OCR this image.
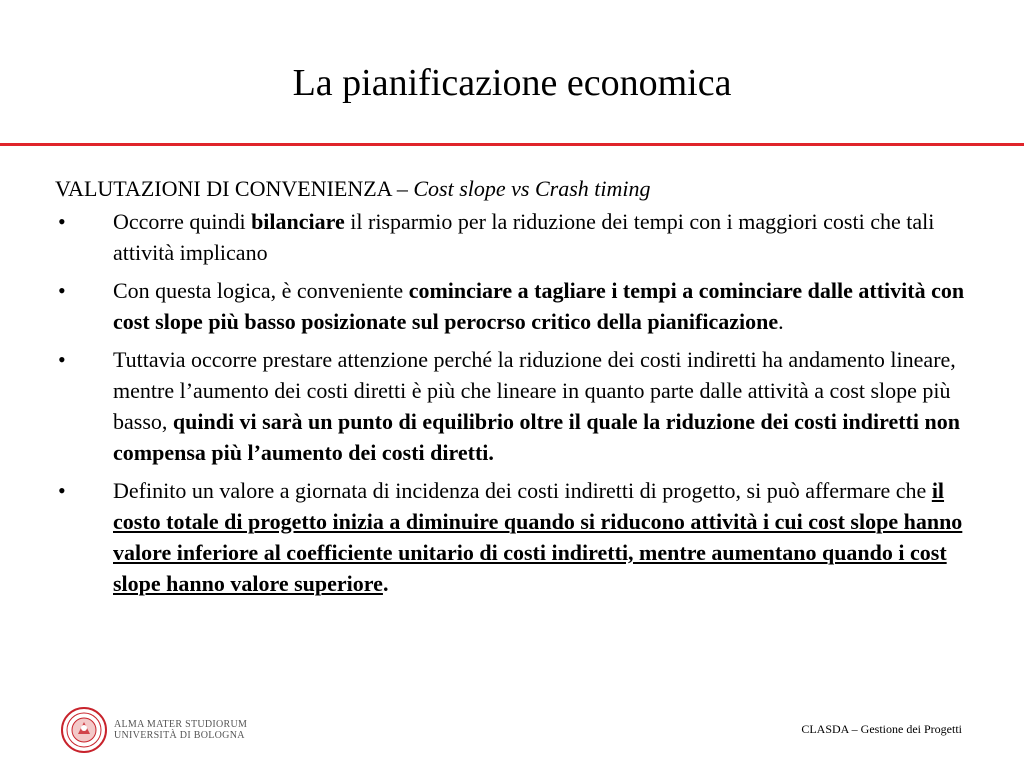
La pianificazione economica

VALUTAZIONI DI CONVENIENZA – Cost slope vs Crash timing

•	Occorre quindi bilanciare il risparmio per la riduzione dei tempi con i maggiori costi che tali attività implicano
•	Con questa logica, è conveniente cominciare a tagliare i tempi a cominciare dalle attività con cost slope più basso posizionate sul perocrso critico della pianificazione.
•	Tuttavia occorre prestare attenzione perché la riduzione dei costi indiretti ha andamento lineare, mentre l’aumento dei costi diretti è più che lineare in quanto parte dalle attività a cost slope più basso, quindi vi sarà un punto di equilibrio oltre il quale la riduzione dei costi indiretti non compensa più l’aumento dei costi diretti.
•	Definito un valore a giornata di incidenza dei costi indiretti di progetto, si può affermare che il costo totale di progetto inizia a diminuire quando si riducono attività i cui cost slope hanno valore inferiore al coefficiente unitario di costi indiretti, mentre aumentano quando i cost slope hanno valore superiore.
ALMA MATER STUDIORUM
UNIVERSITÀ DI BOLOGNA	CLASDA – Gestione dei Progetti
